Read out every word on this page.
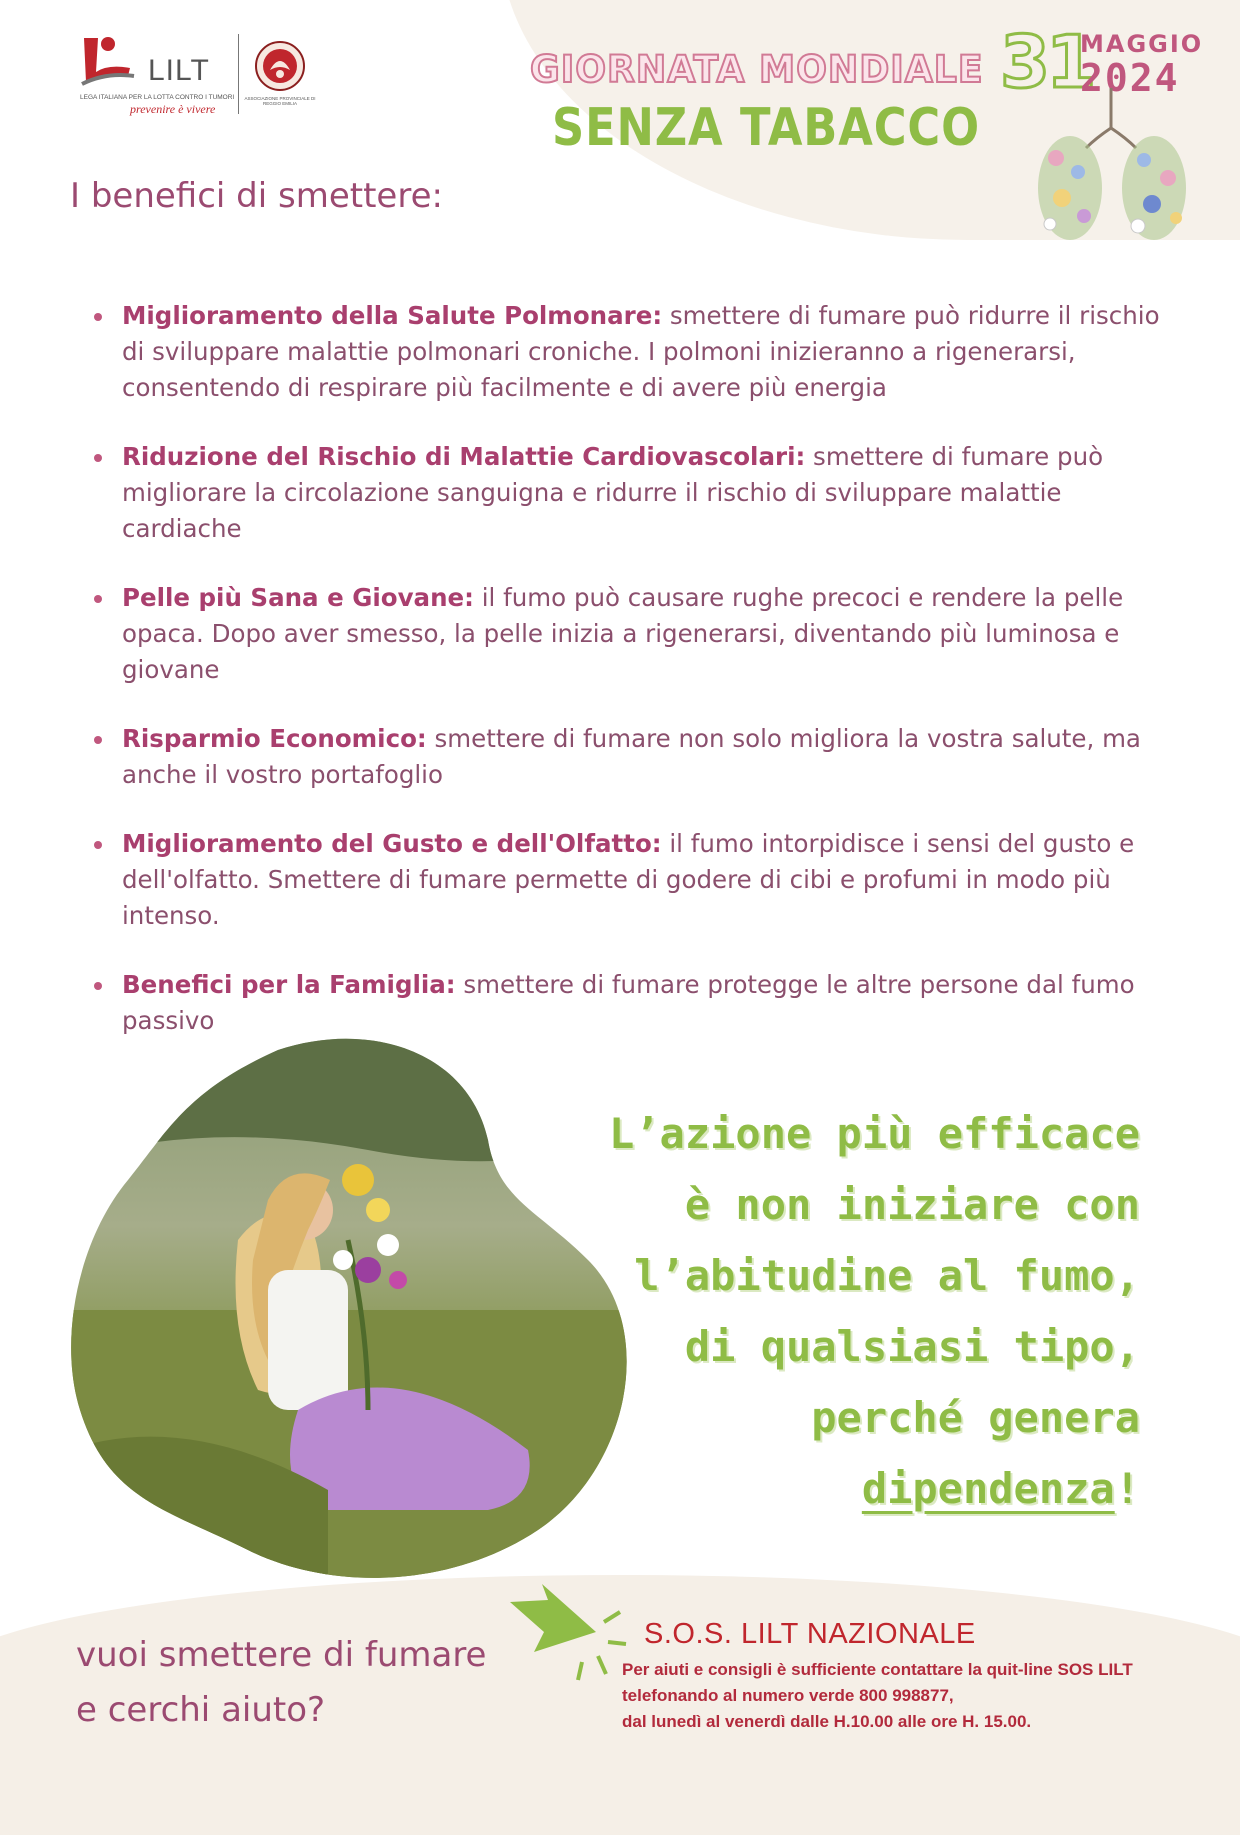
LILT
LEGA ITALIANA PER LA LOTTA CONTRO I TUMORI
prevenire è vivere
ASSOCIAZIONE PROVINCIALE DI REGGIO EMILIA
GIORNATA MONDIALE
SENZA TABACCO
31
MAGGIO
2024
I benefici di smettere:
Miglioramento della Salute Polmonare: smettere di fumare può ridurre il rischio di sviluppare malattie polmonari croniche. I polmoni inizieranno a rigenerarsi, consentendo di respirare più facilmente e di avere più energia
Riduzione del Rischio di Malattie Cardiovascolari: smettere di fumare può migliorare la circolazione sanguigna e ridurre il rischio di sviluppare malattie cardiache
Pelle più Sana e Giovane: il fumo può causare rughe precoci e rendere la pelle opaca. Dopo aver smesso, la pelle inizia a rigenerarsi, diventando più luminosa e giovane
Risparmio Economico: smettere di fumare non solo migliora la vostra salute, ma anche il vostro portafoglio
Miglioramento del Gusto e dell'Olfatto: il fumo intorpidisce i sensi del gusto e dell'olfatto. Smettere di fumare permette di godere di cibi e profumi in modo più intenso.
Benefici per la Famiglia: smettere di fumare protegge le altre persone dal fumo passivo
L’azione più efficace
è non iniziare con
l’abitudine al fumo,
di qualsiasi tipo,
perché genera
dipendenza!
vuoi smettere di fumare
e cerchi aiuto?
S.O.S. LILT NAZIONALE
Per aiuti e consigli è sufficiente contattare la quit-line SOS LILT
telefonando al numero verde 800 998877,
dal lunedì al venerdì dalle H.10.00 alle ore H. 15.00.
